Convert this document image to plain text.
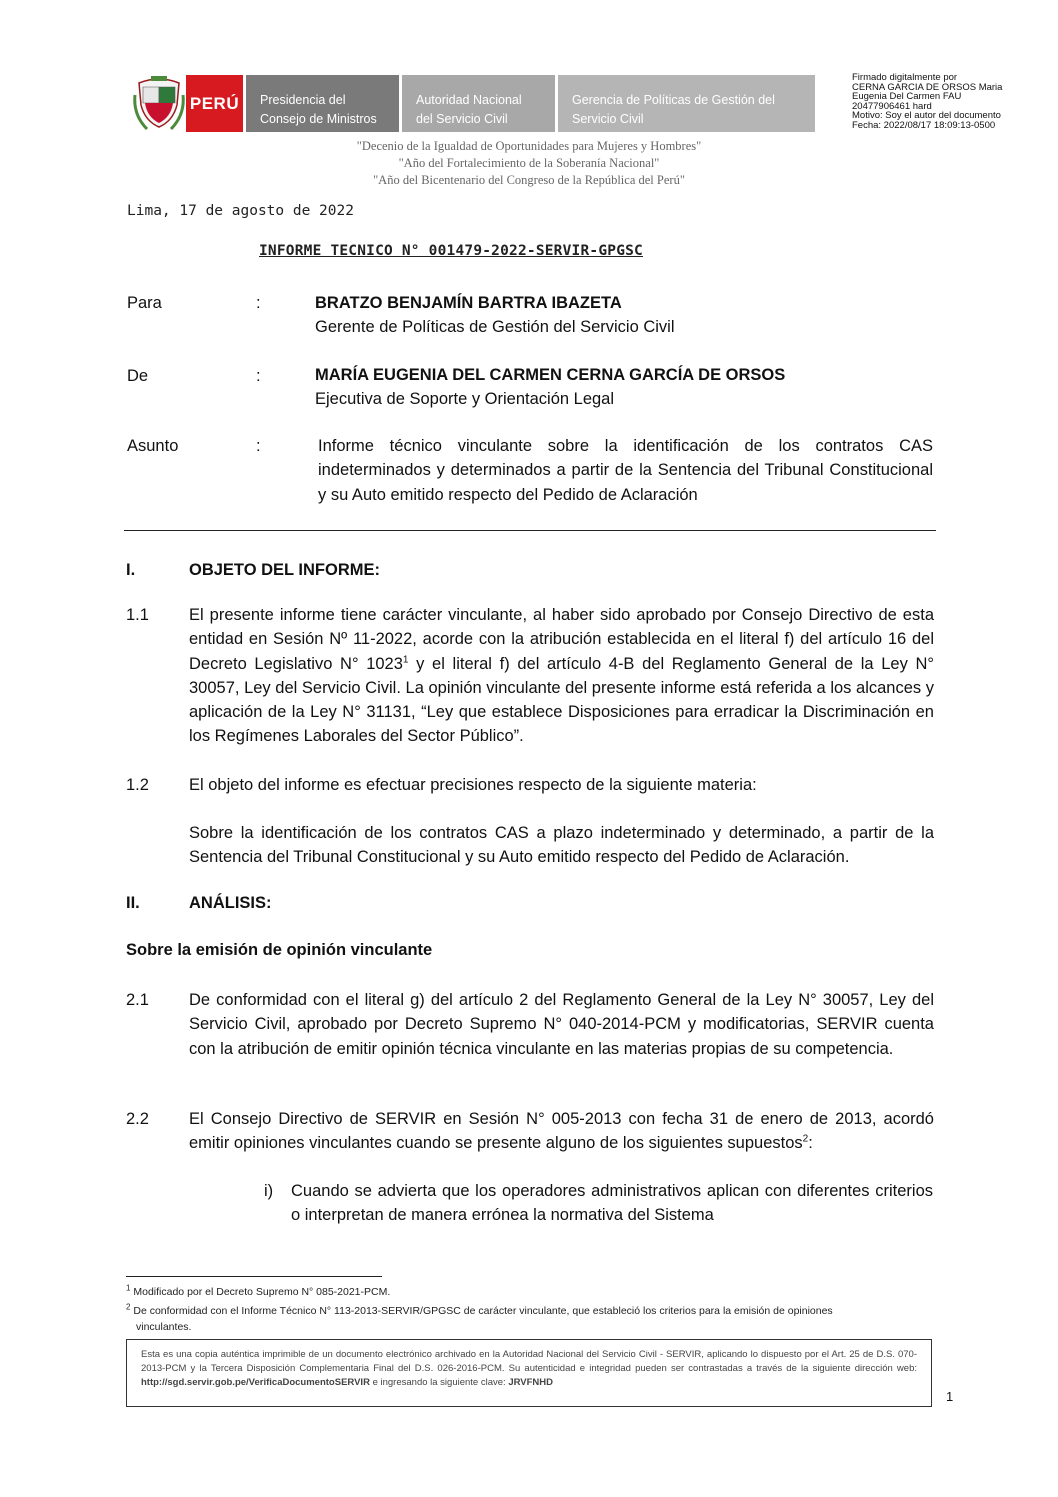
PERÚ	Presidencia del
Consejo de Ministros
Autoridad Nacional
del Servicio Civil
Gerencia de Políticas de Gestión del
Servicio Civil
Firmado digitalmente por
CERNA GARCIA DE ORSOS Maria
Eugenia Del Carmen FAU
20477906461 hard
Motivo: Soy el autor del documento
Fecha: 2022/08/17 18:09:13-0500
"Decenio de la Igualdad de Oportunidades para Mujeres y Hombres"
"Año del Fortalecimiento de la Soberanía Nacional"
"Año del Bicentenario del Congreso de la República del Perú"
Lima, 17 de agosto de 2022
INFORME TECNICO N° 001479-2022-SERVIR-GPGSC
Para	:	BRATZO BENJAMÍN BARTRA IBAZETA
Gerente de Políticas de Gestión del Servicio Civil
De	:	MARÍA EUGENIA DEL CARMEN CERNA GARCÍA DE ORSOS
Ejecutiva de Soporte y Orientación Legal
Asunto	:	Informe técnico vinculante sobre la identificación de los contratos CAS indeterminados y determinados a partir de la Sentencia del Tribunal Constitucional y su Auto emitido respecto del Pedido de Aclaración
I.	OBJETO DEL INFORME:
1.1 El presente informe tiene carácter vinculante, al haber sido aprobado por Consejo Directivo de esta entidad en Sesión Nº 11-2022, acorde con la atribución establecida en el literal f) del artículo 16 del Decreto Legislativo N° 1023$^1$ y el literal f) del artículo 4-B del Reglamento General de la Ley N° 30057, Ley del Servicio Civil. La opinión vinculante del presente informe está referida a los alcances y aplicación de la Ley N° 31131, “Ley que establece Disposiciones para erradicar la Discriminación en los Regímenes Laborales del Sector Público”.
1.2 El objeto del informe es efectuar precisiones respecto de la siguiente materia:
Sobre la identificación de los contratos CAS a plazo indeterminado y determinado, a partir de la Sentencia del Tribunal Constitucional y su Auto emitido respecto del Pedido de Aclaración.
II.	ANÁLISIS:
Sobre la emisión de opinión vinculante
2.1 De conformidad con el literal g) del artículo 2 del Reglamento General de la Ley N° 30057, Ley del Servicio Civil, aprobado por Decreto Supremo N° 040-2014-PCM y modificatorias, SERVIR cuenta con la atribución de emitir opinión técnica vinculante en las materias propias de su competencia.
2.2 El Consejo Directivo de SERVIR en Sesión N° 005-2013 con fecha 31 de enero de 2013, acordó emitir opiniones vinculantes cuando se presente alguno de los siguientes supuestos$^2$:
i) Cuando se advierta que los operadores administrativos aplican con diferentes criterios o interpretan de manera errónea la normativa del Sistema
$^1$ Modificado por el Decreto Supremo N° 085-2021-PCM.
$^2$ De conformidad con el Informe Técnico N° 113-2013-SERVIR/GPGSC de carácter vinculante, que estableció los criterios para la emisión de opiniones
vinculantes.
Esta es una copia auténtica imprimible de un documento electrónico archivado en la Autoridad Nacional del Servicio Civil - SERVIR, aplicando lo dispuesto por el Art. 25 de D.S. 070-2013-PCM y la Tercera Disposición Complementaria Final del D.S. 026-2016-PCM. Su autenticidad e integridad pueden ser contrastadas a través de la siguiente dirección web: http://sgd.servir.gob.pe/VerificaDocumentoSERVIR e ingresando la siguiente clave: JRVFNHD
1
